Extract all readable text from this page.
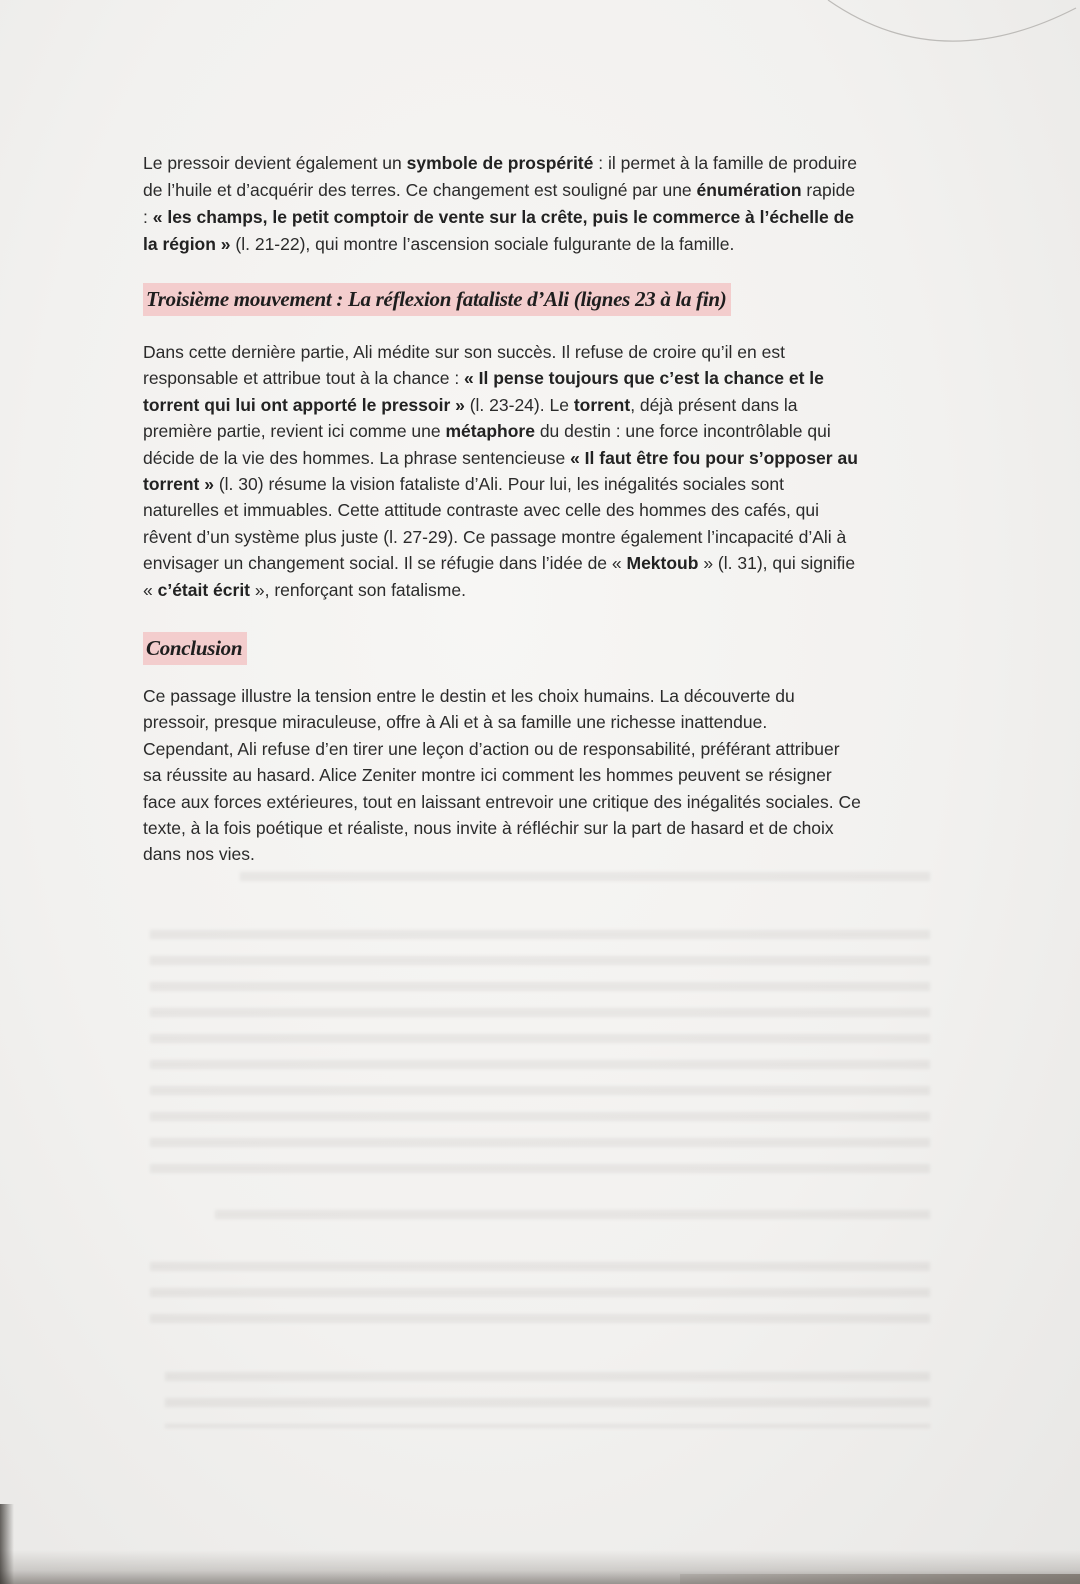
Le pressoir devient également un symbole de prospérité : il permet à la famille de produire
de l’huile et d’acquérir des terres. Ce changement est souligné par une énumération rapide
: « les champs, le petit comptoir de vente sur la crête, puis le commerce à l’échelle de
la région » (l. 21-22), qui montre l’ascension sociale fulgurante de la famille.
Troisième mouvement : La réflexion fataliste d’Ali (lignes 23 à la fin)
Dans cette dernière partie, Ali médite sur son succès. Il refuse de croire qu’il en est
responsable et attribue tout à la chance : « Il pense toujours que c’est la chance et le
torrent qui lui ont apporté le pressoir » (l. 23-24). Le torrent, déjà présent dans la
première partie, revient ici comme une métaphore du destin : une force incontrôlable qui
décide de la vie des hommes. La phrase sentencieuse « Il faut être fou pour s’opposer au
torrent » (l. 30) résume la vision fataliste d’Ali. Pour lui, les inégalités sociales sont
naturelles et immuables. Cette attitude contraste avec celle des hommes des cafés, qui
rêvent d’un système plus juste (l. 27-29). Ce passage montre également l’incapacité d’Ali à
envisager un changement social. Il se réfugie dans l’idée de « Mektoub » (l. 31), qui signifie
« c’était écrit », renforçant son fatalisme.
Conclusion
Ce passage illustre la tension entre le destin et les choix humains. La découverte du
pressoir, presque miraculeuse, offre à Ali et à sa famille une richesse inattendue.
Cependant, Ali refuse d’en tirer une leçon d’action ou de responsabilité, préférant attribuer
sa réussite au hasard. Alice Zeniter montre ici comment les hommes peuvent se résigner
face aux forces extérieures, tout en laissant entrevoir une critique des inégalités sociales. Ce
texte, à la fois poétique et réaliste, nous invite à réfléchir sur la part de hasard et de choix
dans nos vies.
